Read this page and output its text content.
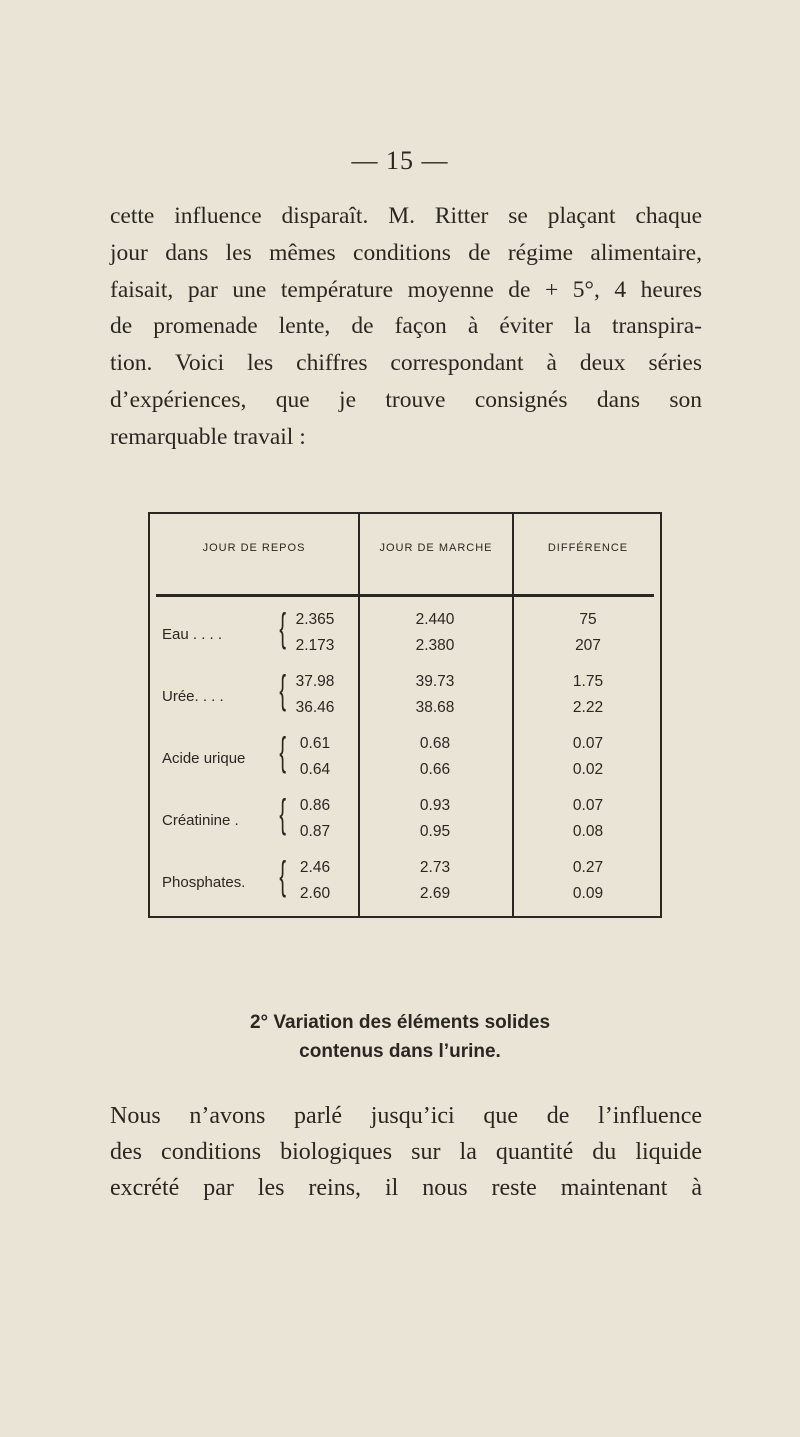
— 15 —

cette influence disparaît. M. Ritter se plaçant chaque

jour dans les mêmes conditions de régime alimentaire,

faisait, par une température moyenne de + 5°, 4 heures

de promenade lente, de façon à éviter la transpira-

tion. Voici les chiffres correspondant à deux séries

d’expériences, que je trouve consignés dans son

remarquable travail :

JOUR DE REPOS	JOUR DE MARCHE	DIFFÉRENCE
Eau . . . . { 2.365
2.173
2.440
2.380
75
207
Urée. . . . { 37.98
36.46
39.73
38.68
1.75
2.22
Acide urique { 0.61
0.64
0.68
0.66
0.07
0.02
Créatinine . { 0.86
0.87
0.93
0.95
0.07
0.08
Phosphates. { 2.46
2.60
2.73
2.69
0.27
0.09
2° Variation des éléments solides
contenus dans l’urine.

Nous n’avons parlé jusqu’ici que de l’influence

des conditions biologiques sur la quantité du liquide

excrété par les reins, il nous reste maintenant à
